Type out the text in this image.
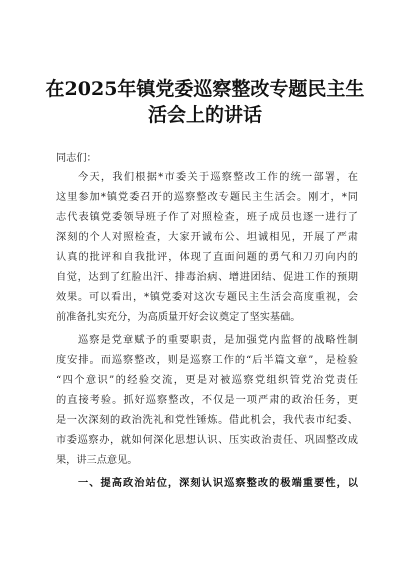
在2025年镇党委巡察整改专题民主生
活会上的讲话
同志们：
今天，我们根据*市委关于巡察整改工作的统一部署，在
这里参加*镇党委召开的巡察整改专题民主生活会。刚才，*同
志代表镇党委领导班子作了对照检查，班子成员也逐一进行了
深刻的个人对照检查，大家开诚布公、坦诚相见，开展了严肃
认真的批评和自我批评，体现了直面问题的勇气和刀刃向内的
自觉，达到了红脸出汗、排毒治病、增进团结、促进工作的预期
效果。可以看出，*镇党委对这次专题民主生活会高度重视，会
前准备扎实充分，为高质量开好会议奠定了坚实基础。
巡察是党章赋予的重要职责，是加强党内监督的战略性制
度安排。而巡察整改，则是巡察工作的“后半篇文章”，是检验
“四个意识”的经验交流，更是对被巡察党组织管党治党责任
的直接考验。抓好巡察整改，不仅是一项严肃的政治任务，更
是一次深刻的政治洗礼和党性锤炼。借此机会，我代表市纪委、
市委巡察办，就如何深化思想认识、压实政治责任、巩固整改成
果，讲三点意见。
一、提高政治站位，深刻认识巡察整改的极端重要性，以
